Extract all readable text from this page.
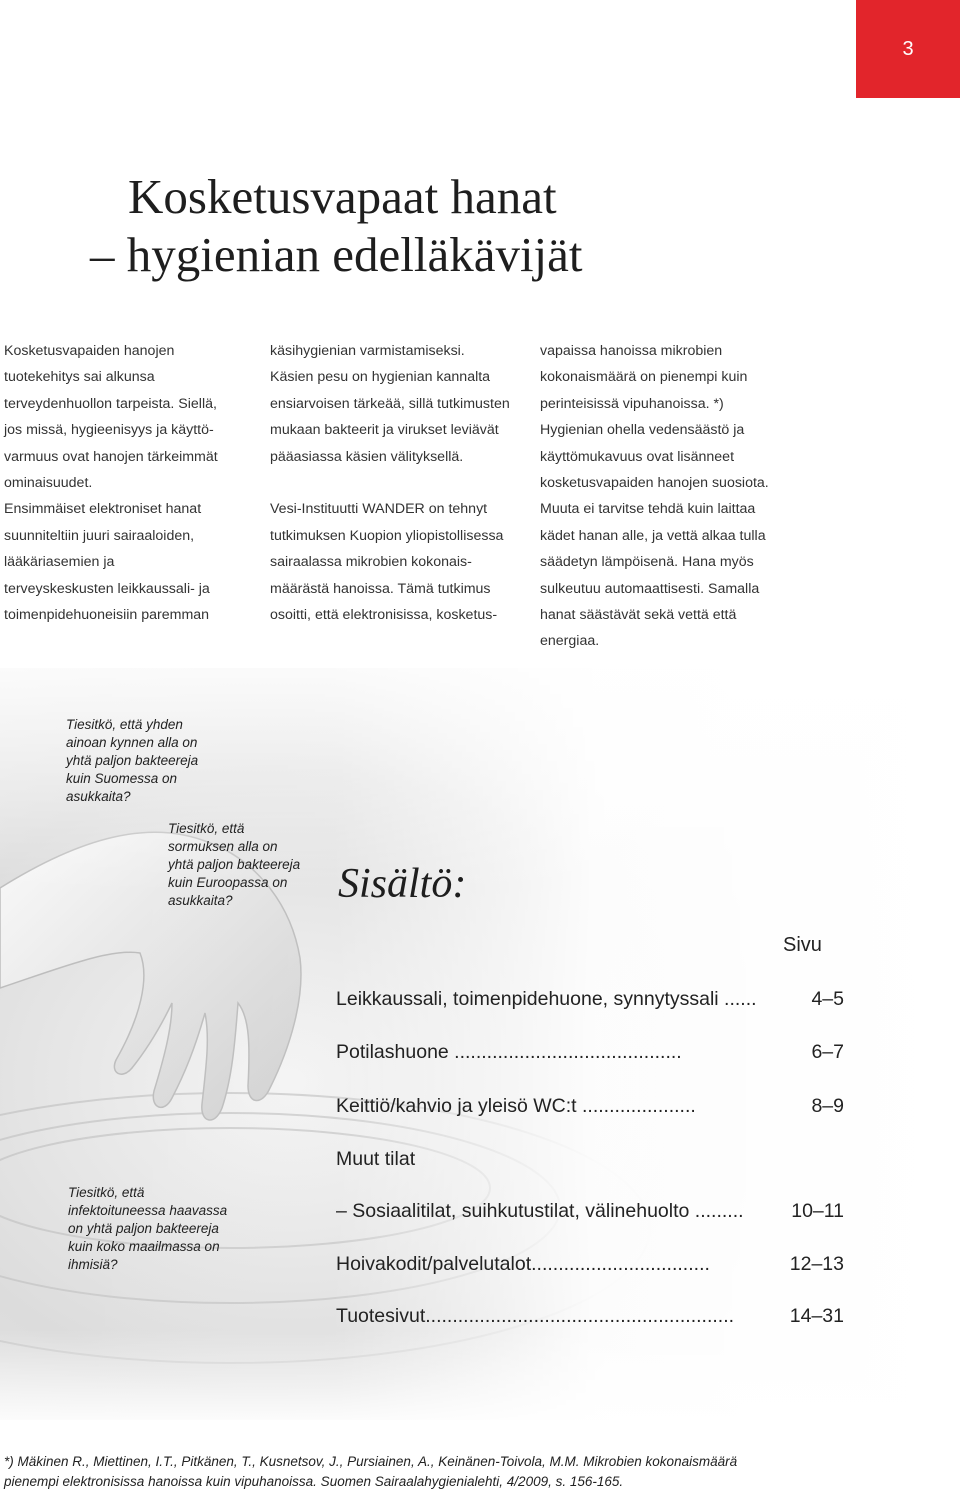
3
Kosketusvapaat hanat
– hygienian edelläkävijät
Kosketusvapaiden hanojen
tuotekehitys sai alkunsa
terveydenhuollon tarpeista. Siellä,
jos missä, hygieenisyys ja käyttö-
varmuus ovat hanojen tärkeimmät
ominaisuudet.
Ensimmäiset elektroniset hanat
suunniteltiin juuri sairaaloiden,
lääkäriasemien ja
terveyskeskusten leikkaussali- ja
toimenpidehuoneisiin paremman
käsihygienian varmistamiseksi.
Käsien pesu on hygienian kannalta
ensiarvoisen tärkeää, sillä tutkimusten
mukaan bakteerit ja virukset leviävät
pääasiassa käsien välityksellä.
Vesi-Instituutti WANDER on tehnyt
tutkimuksen Kuopion yliopistollisessa
sairaalassa mikrobien kokonais-
määrästä hanoissa. Tämä tutkimus
osoitti, että elektronisissa, kosketus-
vapaissa hanoissa mikrobien
kokonaismäärä on pienempi kuin
perinteisissä vipuhanoissa. *)
Hygienian ohella vedensäästö ja
käyttömukavuus ovat lisänneet
kosketusvapaiden hanojen suosiota.
Muuta ei tarvitse tehdä kuin laittaa
kädet hanan alle, ja vettä alkaa tulla
säädetyn lämpöisenä. Hana myös
sulkeutuu automaattisesti. Samalla
hanat säästävät sekä vettä että
energiaa.
Tiesitkö, että yhden
ainoan kynnen alla on
yhtä paljon bakteereja
kuin Suomessa on
asukkaita?
Tiesitkö, että
sormuksen alla on
yhtä paljon bakteereja
kuin Euroopassa on
asukkaita?
Tiesitkö, että
infektoituneessa haavassa
on yhtä paljon bakteereja
kuin koko maailmassa on
ihmisiä?
Sisältö:
Sivu
Leikkaussali, toimenpidehuone, synnytyssali ......	4–5
Potilashuone ..........................................	6–7
Keittiö/kahvio ja yleisö WC:t .....................	8–9
Muut tilat
– Sosiaalitilat, suihkutustilat, välinehuolto ......... 10–11
Hoivakodit/palvelutalot.................................	12–13
Tuotesivut.........................................................	14–31
*) Mäkinen R., Miettinen, I.T., Pitkänen, T., Kusnetsov, J., Pursiainen, A., Keinänen-Toivola, M.M. Mikrobien kokonaismäärä
pienempi elektronisissa hanoissa kuin vipuhanoissa. Suomen Sairaalahygienialehti, 4/2009, s. 156-165.
